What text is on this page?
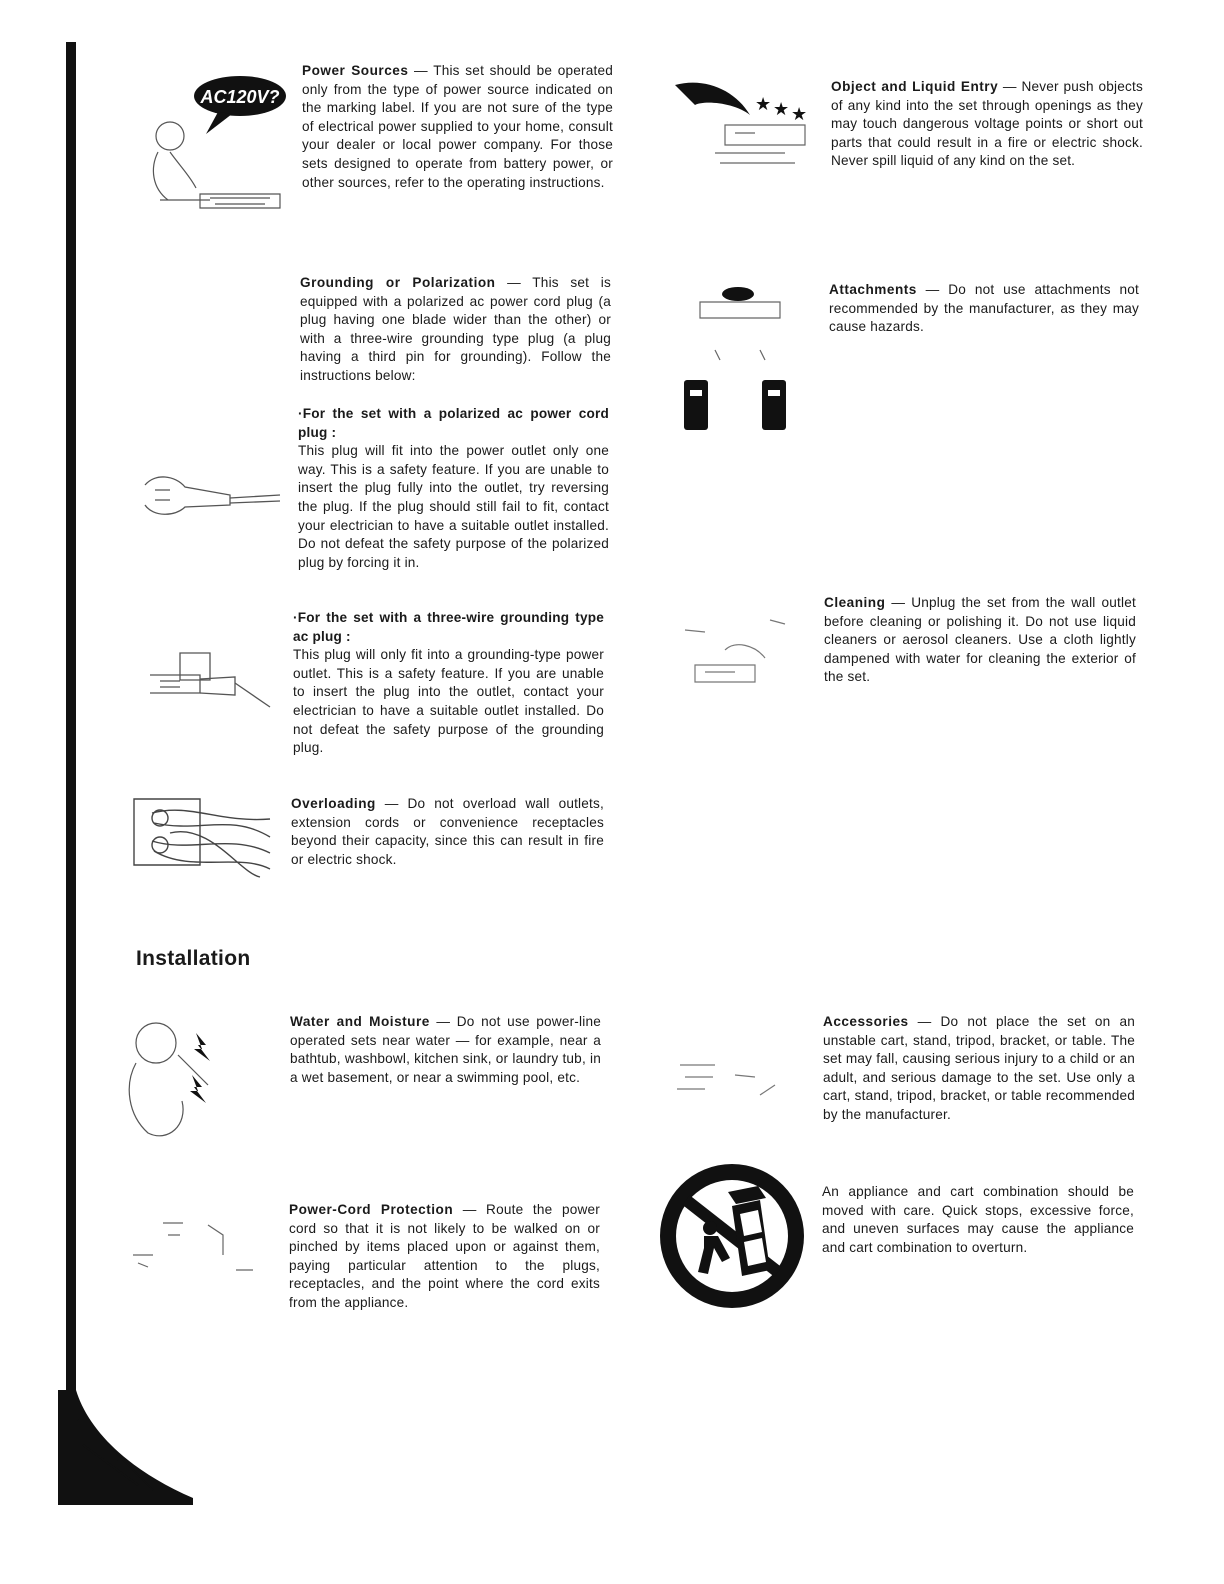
AC120V?
Power Sources — This set should be operated only from the type of power source indicated on the marking label. If you are not sure of the type of electrical power supplied to your home, consult your dealer or local power company. For those sets designed to operate from battery power, or other sources, refer to the operating instructions.
Grounding or Polarization — This set is equipped with a polarized ac power cord plug (a plug having one blade wider than the other) or with a three-wire grounding type plug (a plug having a third pin for grounding). Follow the instructions below:
·For the set with a polarized ac power cord plug :
This plug will fit into the power outlet only one way. This is a safety feature. If you are unable to insert the plug fully into the outlet, try reversing the plug. If the plug should still fail to fit, contact your electrician to have a suitable outlet installed. Do not defeat the safety purpose of the polarized plug by forcing it in.
·For the set with a three-wire grounding type ac plug :
This plug will only fit into a grounding-type power outlet. This is a safety feature. If you are unable to insert the plug into the outlet, contact your electrician to have a suitable outlet installed. Do not defeat the safety purpose of the grounding plug.
Overloading — Do not overload wall outlets, extension cords or convenience receptacles beyond their capacity, since this can result in fire or electric shock.
★ ★ ★
Object and Liquid Entry — Never push objects of any kind into the set through openings as they may touch dangerous voltage points or short out parts that could result in a fire or electric shock. Never spill liquid of any kind on the set.
Attachments — Do not use attachments not recommended by the manufacturer, as they may cause hazards.
Cleaning — Unplug the set from the wall outlet before cleaning or polishing it. Do not use liquid cleaners or aerosol cleaners. Use a cloth lightly dampened with water for cleaning the exterior of the set.
Installation
Water and Moisture — Do not use power-line operated sets near water — for example, near a bathtub, washbowl, kitchen sink, or laundry tub, in a wet basement, or near a swimming pool, etc.
Power-Cord Protection — Route the power cord so that it is not likely to be walked on or pinched by items placed upon or against them, paying particular attention to the plugs, receptacles, and the point where the cord exits from the appliance.
Accessories — Do not place the set on an unstable cart, stand, tripod, bracket, or table. The set may fall, causing serious injury to a child or an adult, and serious damage to the set. Use only a cart, stand, tripod, bracket, or table recommended by the manufacturer.
An appliance and cart combination should be moved with care. Quick stops, excessive force, and uneven surfaces may cause the appliance and cart combination to overturn.
